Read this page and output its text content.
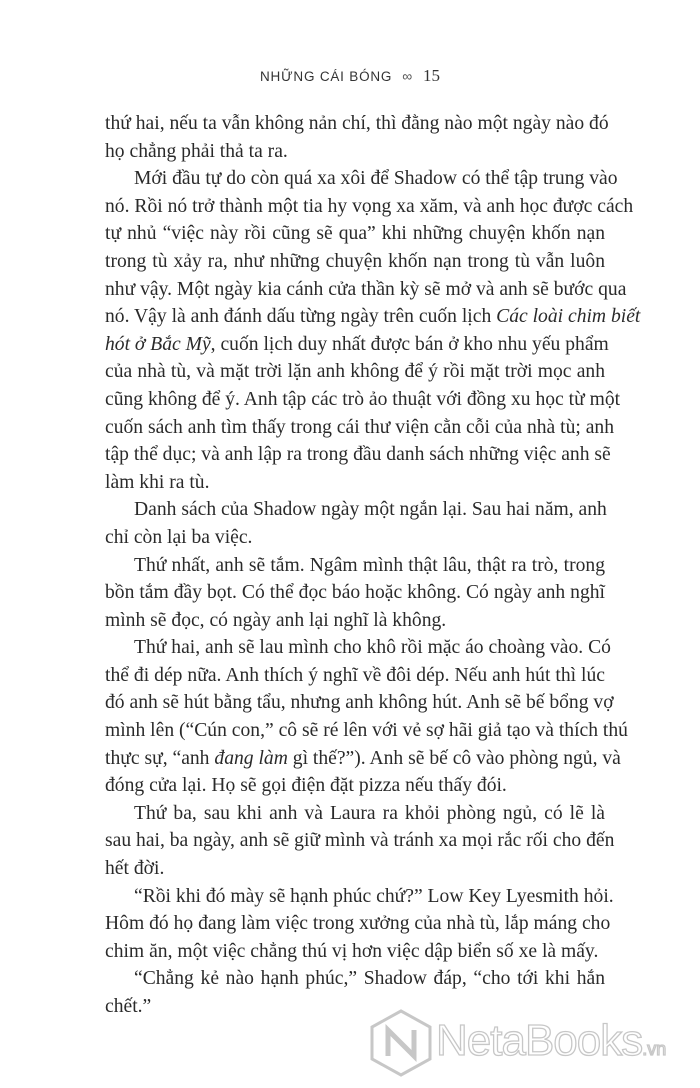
NHỮNG CÁI BÓNG ∞ 15
thứ hai, nếu ta vẫn không nản chí, thì đằng nào một ngày nào đó
họ chẳng phải thả ta ra.
Mới đầu tự do còn quá xa xôi để Shadow có thể tập trung vào
nó. Rồi nó trở thành một tia hy vọng xa xăm, và anh học được cách
tự nhủ “việc này rồi cũng sẽ qua” khi những chuyện khốn nạn
trong tù xảy ra, như những chuyện khốn nạn trong tù vẫn luôn
như vậy. Một ngày kia cánh cửa thần kỳ sẽ mở và anh sẽ bước qua
nó. Vậy là anh đánh dấu từng ngày trên cuốn lịch Các loài chim biết
hót ở Bắc Mỹ, cuốn lịch duy nhất được bán ở kho nhu yếu phẩm
của nhà tù, và mặt trời lặn anh không để ý rồi mặt trời mọc anh
cũng không để ý. Anh tập các trò ảo thuật với đồng xu học từ một
cuốn sách anh tìm thấy trong cái thư viện cằn cỗi của nhà tù; anh
tập thể dục; và anh lập ra trong đầu danh sách những việc anh sẽ
làm khi ra tù.
Danh sách của Shadow ngày một ngắn lại. Sau hai năm, anh
chỉ còn lại ba việc.
Thứ nhất, anh sẽ tắm. Ngâm mình thật lâu, thật ra trò, trong
bồn tắm đầy bọt. Có thể đọc báo hoặc không. Có ngày anh nghĩ
mình sẽ đọc, có ngày anh lại nghĩ là không.
Thứ hai, anh sẽ lau mình cho khô rồi mặc áo choàng vào. Có
thể đi dép nữa. Anh thích ý nghĩ về đôi dép. Nếu anh hút thì lúc
đó anh sẽ hút bằng tẩu, nhưng anh không hút. Anh sẽ bế bổng vợ
mình lên (“Cún con,” cô sẽ ré lên với vẻ sợ hãi giả tạo và thích thú
thực sự, “anh đang làm gì thế?”). Anh sẽ bế cô vào phòng ngủ, và
đóng cửa lại. Họ sẽ gọi điện đặt pizza nếu thấy đói.
Thứ ba, sau khi anh và Laura ra khỏi phòng ngủ, có lẽ là
sau hai, ba ngày, anh sẽ giữ mình và tránh xa mọi rắc rối cho đến
hết đời.
“Rồi khi đó mày sẽ hạnh phúc chứ?” Low Key Lyesmith hỏi.
Hôm đó họ đang làm việc trong xưởng của nhà tù, lắp máng cho
chim ăn, một việc chẳng thú vị hơn việc dập biển số xe là mấy.
“Chẳng kẻ nào hạnh phúc,” Shadow đáp, “cho tới khi hắn
chết.”
NetaBooks.vn
